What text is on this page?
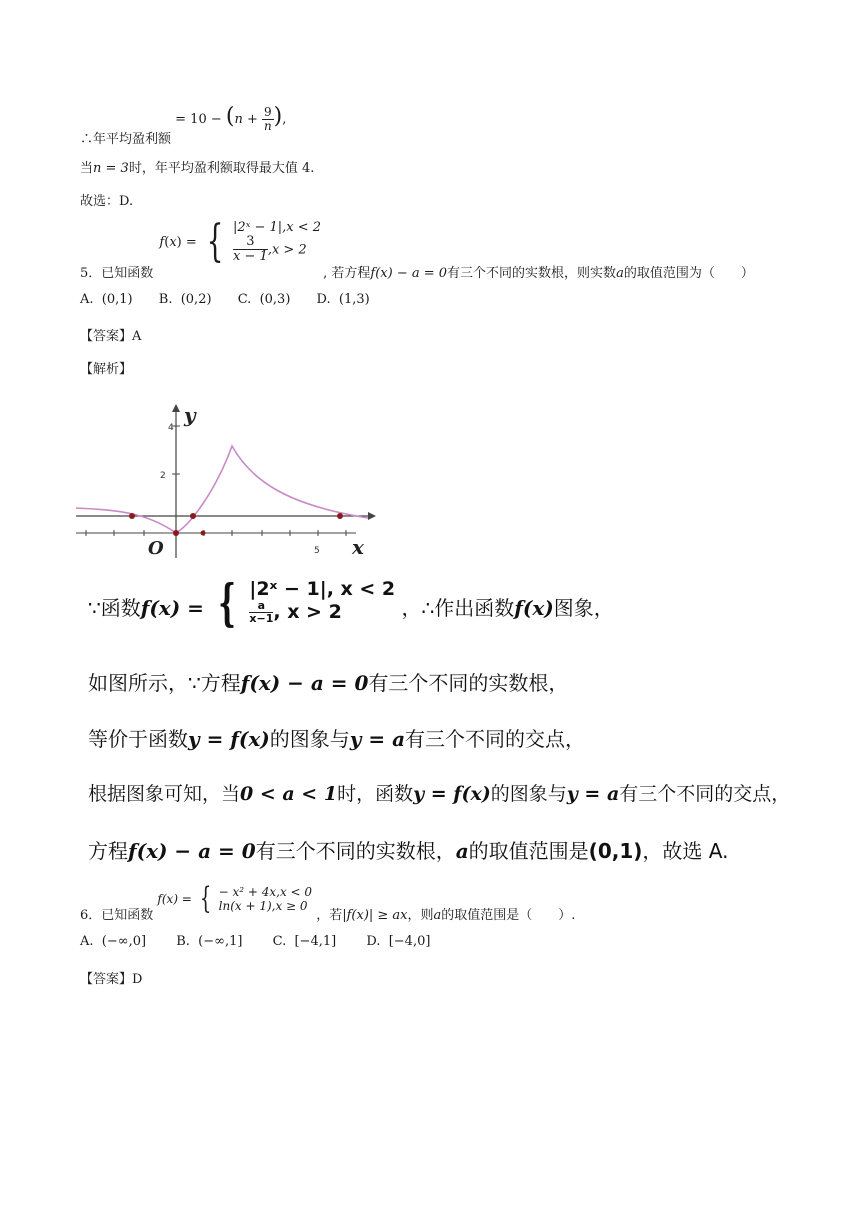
∴年平均盈利额 = $10 - (n + \frac{9}{n}$ ),
当n = 3时，年平均盈利额取得最大值 4.
故选：D.
5．已知函数 f(x) = { |2ˣ − 1|,x < 2
$\frac{3}{x - 1} ,x > 2$
, 若方程f(x) − a = 0有三个不同的实数根，则实数a的取值范围为（　　）
A. (0,1) B. (0,2) C. (0,3) D. (1,3)
【答案】A
【解析】
y
4
2
O	5 x
∵函数f(x) = { |2ˣ − 1|, x < 2
$\frac{a}{x-1}$ , x > 2	，∴作出函数f(x)图象，
如图所示，∵方程f(x) − a = 0有三个不同的实数根，
等价于函数y = f(x)的图象与y = a有三个不同的交点，
根据图象可知，当0 < a < 1时，函数y = f(x)的图象与y = a有三个不同的交点，
方程f(x) − a = 0有三个不同的实数根，a的取值范围是(0,1)，故选 A.
6．已知函数 f(x) = { − x² + 4x,x < 0
ln(x + 1),x ≥ 0
，若|f(x)| ≥ ax，则a的取值范围是（　　）.
A. (−∞,0] B. (−∞,1] C. [−4,1] D. [−4,0]
【答案】D
